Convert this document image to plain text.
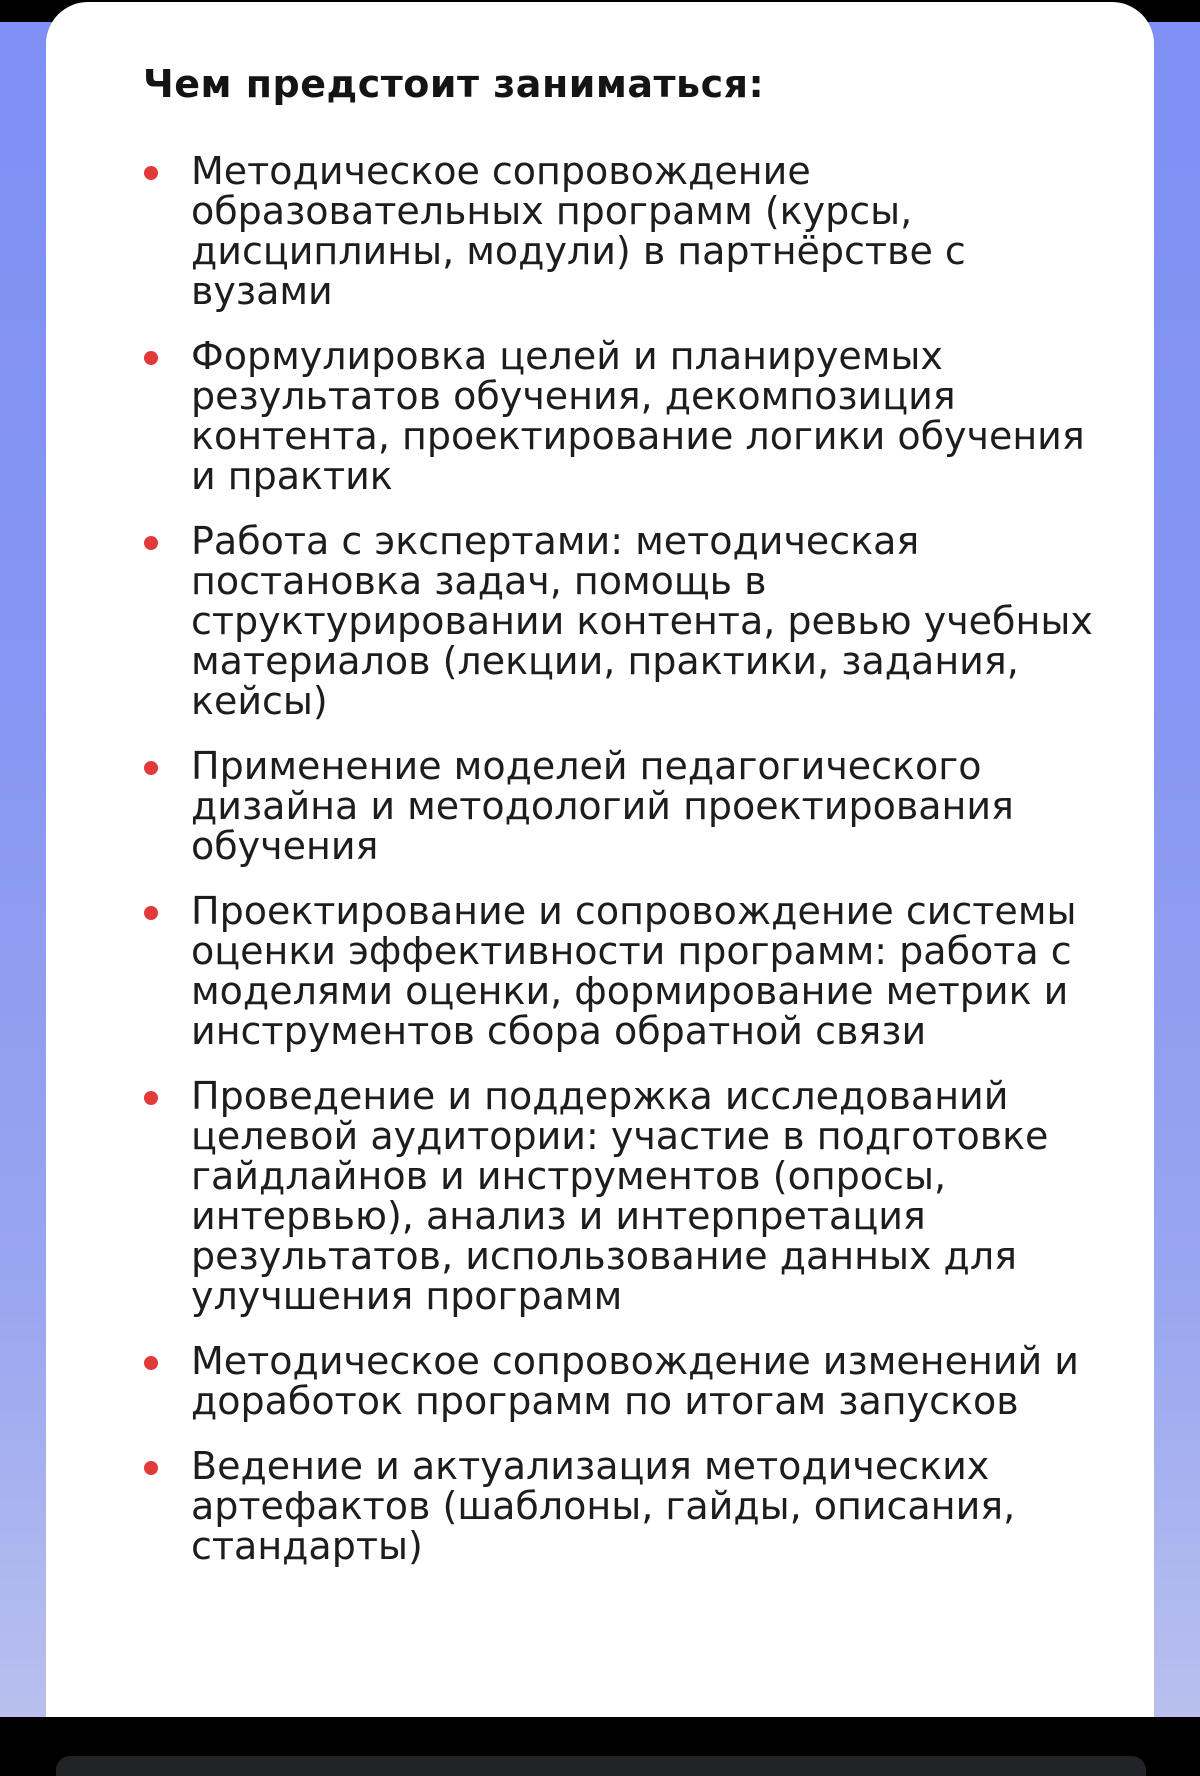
Чем предстоит заниматься:
Методическое сопровождение образовательных программ (курсы, дисциплины, модули) в партнёрстве с вузами
Формулировка целей и планируемых результатов обучения, декомпозиция контента, проектирование логики обучения и практик
Работа с экспертами: методическая постановка задач, помощь в структурировании контента, ревью учебных материалов (лекции, практики, задания, кейсы)
Применение моделей педагогического дизайна и методологий проектирования обучения
Проектирование и сопровождение системы оценки эффективности программ: работа с моделями оценки, формирование метрик и инструментов сбора обратной связи
Проведение и поддержка исследований целевой аудитории: участие в подготовке гайдлайнов и инструментов (опросы, интервью), анализ и интерпретация результатов, использование данных для улучшения программ
Методическое сопровождение изменений и доработок программ по итогам запусков
Ведение и актуализация методических артефактов (шаблоны, гайды, описания, стандарты)
